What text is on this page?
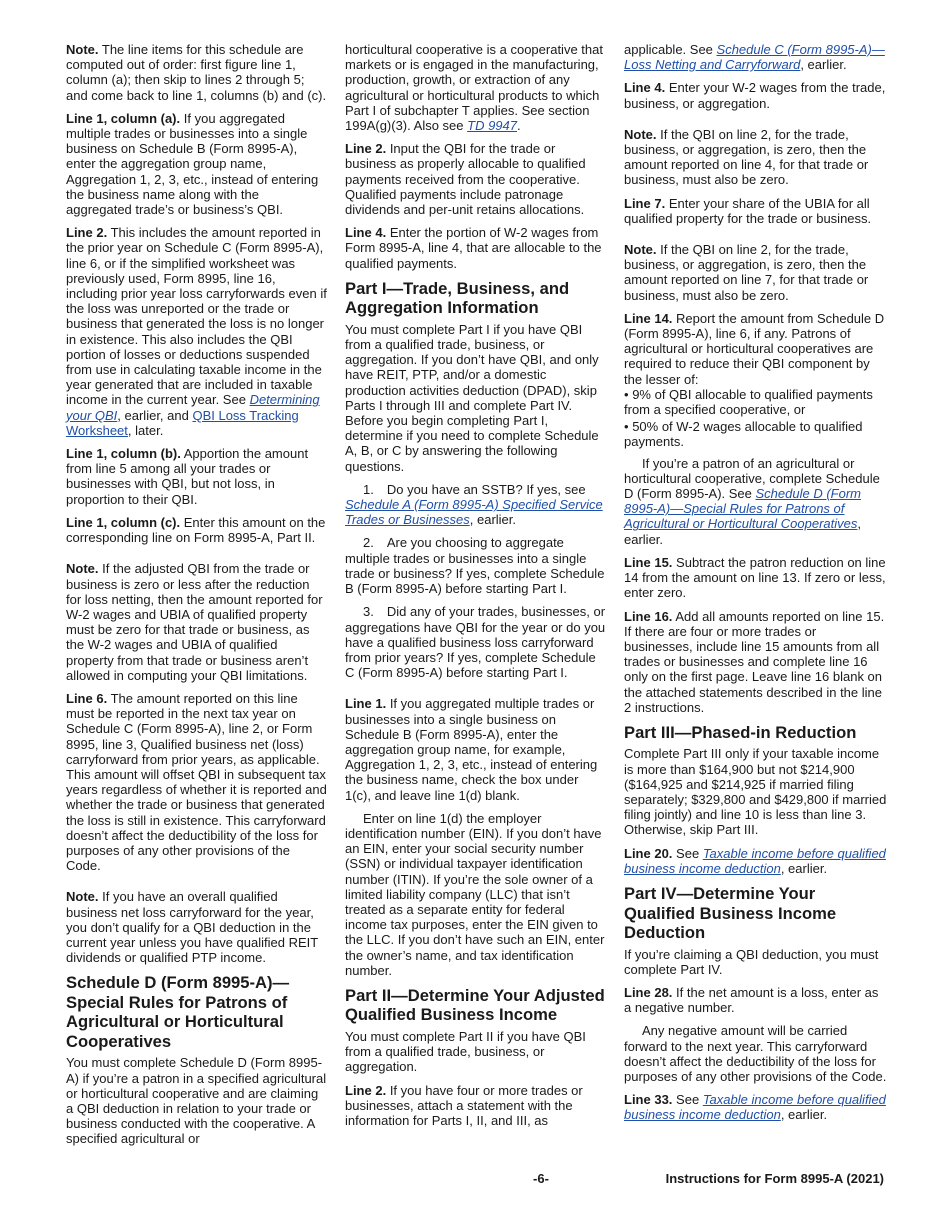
Note. The line items for this schedule are computed out of order: first figure line 1, column (a); then skip to lines 2 through 5; and come back to line 1, columns (b) and (c).

Line 1, column (a). If you aggregated multiple trades or businesses into a single business on Schedule B (Form 8995-A), enter the aggregation group name, Aggregation 1, 2, 3, etc., instead of entering the business name along with the aggregated trade’s or business’s QBI.

Line 2. This includes the amount reported in the prior year on Schedule C (Form 8995-A), line 6, or if the simplified worksheet was previously used, Form 8995, line 16, including prior year loss carryforwards even if the loss was unreported or the trade or business that generated the loss is no longer in existence. This also includes the QBI portion of losses or deductions suspended from use in calculating taxable income in the year generated that are included in taxable income in the current year. See Determining your QBI, earlier, and QBI Loss Tracking Worksheet, later.

Line 1, column (b). Apportion the amount from line 5 among all your trades or businesses with QBI, but not loss, in proportion to their QBI.

Line 1, column (c). Enter this amount on the corresponding line on Form 8995-A, Part II.

Note. If the adjusted QBI from the trade or business is zero or less after the reduction for loss netting, then the amount reported for W-2 wages and UBIA of qualified property must be zero for that trade or business, as the W-2 wages and UBIA of qualified property from that trade or business aren’t allowed in computing your QBI limitations.

Line 6. The amount reported on this line must be reported in the next tax year on Schedule C (Form 8995-A), line 2, or Form 8995, line 3, Qualified business net (loss) carryforward from prior years, as applicable. This amount will offset QBI in subsequent tax years regardless of whether it is reported and whether the trade or business that generated the loss is still in existence. This carryforward doesn’t affect the deductibility of the loss for purposes of any other provisions of the Code.

Note. If you have an overall qualified business net loss carryforward for the year, you don’t qualify for a QBI deduction in the current year unless you have qualified REIT dividends or qualified PTP income.

Schedule D (Form 8995-A)—Special Rules for Patrons of Agricultural or Horticultural Cooperatives

You must complete Schedule D (Form 8995-A) if you’re a patron in a specified agricultural or horticultural cooperative and are claiming a QBI deduction in relation to your trade or business conducted with the cooperative. A specified agricultural or

horticultural cooperative is a cooperative that markets or is engaged in the manufacturing, production, growth, or extraction of any agricultural or horticultural products to which Part I of subchapter T applies. See section 199A(g)(3). Also see TD 9947.

Line 2. Input the QBI for the trade or business as properly allocable to qualified payments received from the cooperative. Qualified payments include patronage dividends and per-unit retains allocations.

Line 4. Enter the portion of W-2 wages from Form 8995-A, line 4, that are allocable to the qualified payments.

Part I—Trade, Business, and Aggregation Information

You must complete Part I if you have QBI from a qualified trade, business, or aggregation. If you don’t have QBI, and only have REIT, PTP, and/or a domestic production activities deduction (DPAD), skip Parts I through III and complete Part IV. Before you begin completing Part I, determine if you need to complete Schedule A, B, or C by answering the following questions.

1. Do you have an SSTB? If yes, see Schedule A (Form 8995-A) Specified Service Trades or Businesses, earlier.

2. Are you choosing to aggregate multiple trades or businesses into a single trade or business? If yes, complete Schedule B (Form 8995-A) before starting Part I.

3. Did any of your trades, businesses, or aggregations have QBI for the year or do you have a qualified business loss carryforward from prior years? If yes, complete Schedule C (Form 8995-A) before starting Part I.

Line 1. If you aggregated multiple trades or businesses into a single business on Schedule B (Form 8995-A), enter the aggregation group name, for example, Aggregation 1, 2, 3, etc., instead of entering the business name, check the box under 1(c), and leave line 1(d) blank.

Enter on line 1(d) the employer identification number (EIN). If you don’t have an EIN, enter your social security number (SSN) or individual taxpayer identification number (ITIN). If you’re the sole owner of a limited liability company (LLC) that isn’t treated as a separate entity for federal income tax purposes, enter the EIN given to the LLC. If you don’t have such an EIN, enter the owner’s name, and tax identification number.

Part II—Determine Your Adjusted Qualified Business Income

You must complete Part II if you have QBI from a qualified trade, business, or aggregation.

Line 2. If you have four or more trades or businesses, attach a statement with the information for Parts I, II, and III, as

applicable. See Schedule C (Form 8995-A)—Loss Netting and Carryforward, earlier.

Line 4. Enter your W-2 wages from the trade, business, or aggregation.

Note. If the QBI on line 2, for the trade, business, or aggregation, is zero, then the amount reported on line 4, for that trade or business, must also be zero.

Line 7. Enter your share of the UBIA for all qualified property for the trade or business.

Note. If the QBI on line 2, for the trade, business, or aggregation, is zero, then the amount reported on line 7, for that trade or business, must also be zero.

Line 14. Report the amount from Schedule D (Form 8995-A), line 6, if any. Patrons of agricultural or horticultural cooperatives are required to reduce their QBI component by the lesser of:

• 9% of QBI allocable to qualified payments from a specified cooperative, or

• 50% of W-2 wages allocable to qualified payments.

If you’re a patron of an agricultural or horticultural cooperative, complete Schedule D (Form 8995-A). See Schedule D (Form 8995-A)—Special Rules for Patrons of Agricultural or Horticultural Cooperatives, earlier.

Line 15. Subtract the patron reduction on line 14 from the amount on line 13. If zero or less, enter zero.

Line 16. Add all amounts reported on line 15. If there are four or more trades or businesses, include line 15 amounts from all trades or businesses and complete line 16 only on the first page. Leave line 16 blank on the attached statements described in the line 2 instructions.

Part III—Phased-in Reduction

Complete Part III only if your taxable income is more than $164,900 but not $214,900 ($164,925 and $214,925 if married filing separately; $329,800 and $429,800 if married filing jointly) and line 10 is less than line 3. Otherwise, skip Part III.

Line 20. See Taxable income before qualified business income deduction, earlier.

Part IV—Determine Your Qualified Business Income Deduction

If you’re claiming a QBI deduction, you must complete Part IV.

Line 28. If the net amount is a loss, enter as a negative number.

Any negative amount will be carried forward to the next year. This carryforward doesn’t affect the deductibility of the loss for purposes of any other provisions of the Code.

Line 33. See Taxable income before qualified business income deduction, earlier.

-6-	Instructions for Form 8995-A (2021)
